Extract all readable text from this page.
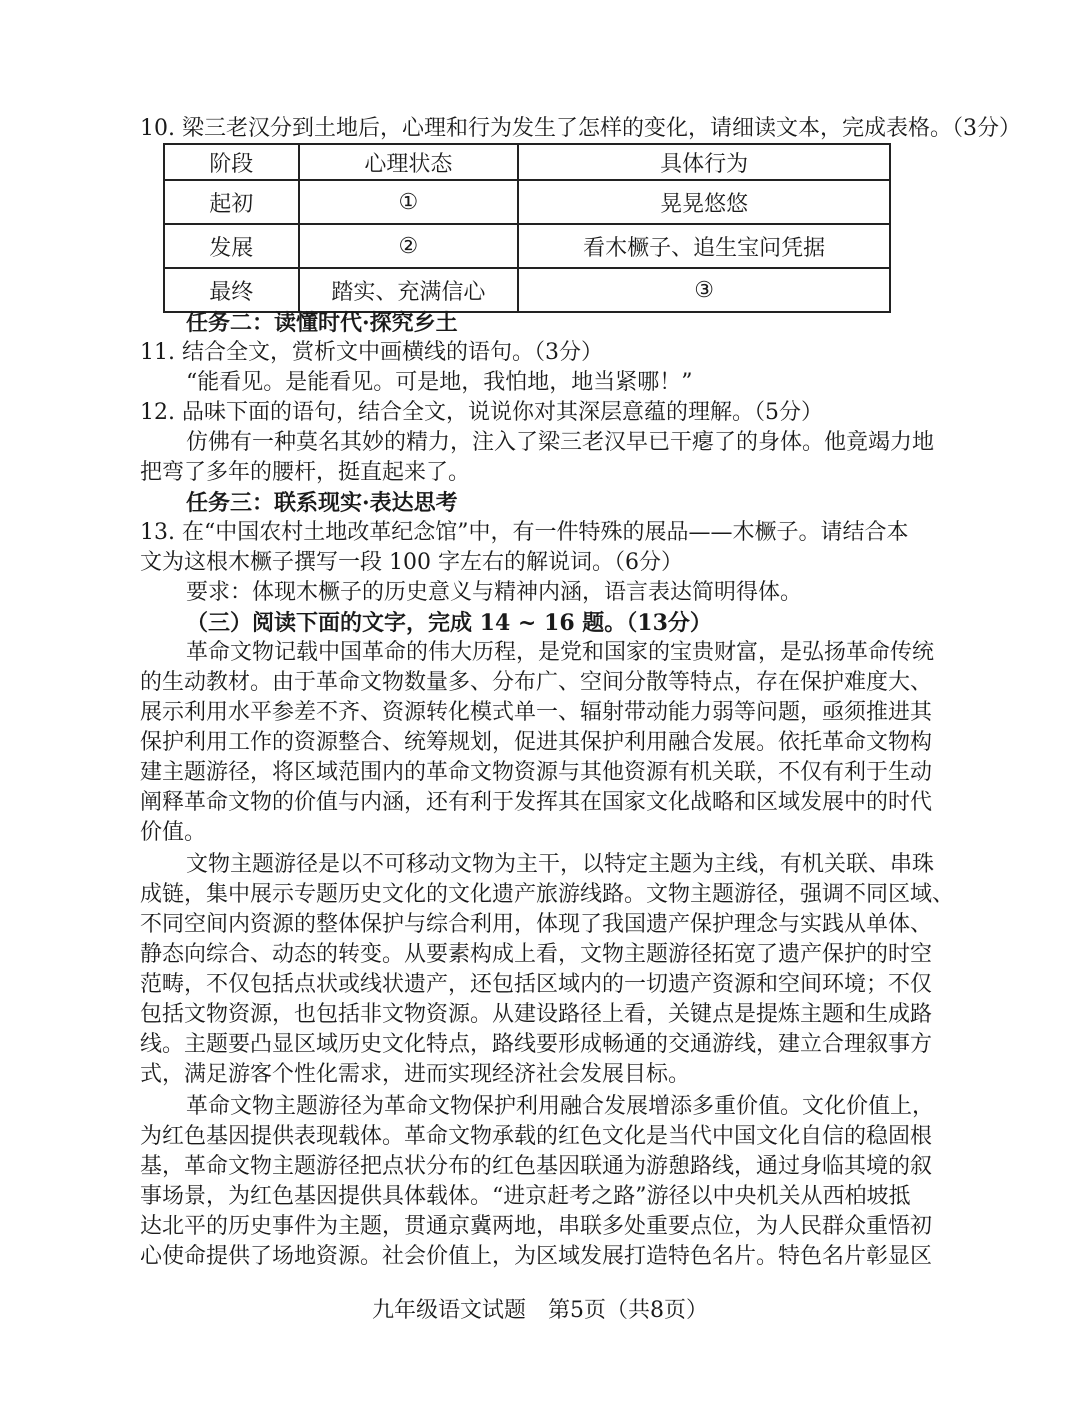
10. 梁三老汉分到土地后，心理和行为发生了怎样的变化，请细读文本，完成表格。（3分）
阶段	心理状态	具体行为
起初	①	晃晃悠悠
发展	②	看木橛子、追生宝问凭据
最终	踏实、充满信心	③
任务二：读懂时代·探究乡土
11. 结合全文，赏析文中画横线的语句。（3分）
“能看见。是能看见。可是地，我怕地，地当紧哪！”
12. 品味下面的语句，结合全文，说说你对其深层意蕴的理解。（5分）
仿佛有一种莫名其妙的精力，注入了梁三老汉早已干瘪了的身体。他竟竭力地
把弯了多年的腰杆，挺直起来了。
任务三：联系现实·表达思考
13. 在“中国农村土地改革纪念馆”中，有一件特殊的展品——木橛子。请结合本
文为这根木橛子撰写一段 100 字左右的解说词。（6分）
要求：体现木橛子的历史意义与精神内涵，语言表达简明得体。
（三）阅读下面的文字，完成 14 ~ 16 题。（13分）
革命文物记载中国革命的伟大历程，是党和国家的宝贵财富，是弘扬革命传统
的生动教材。由于革命文物数量多、分布广、空间分散等特点，存在保护难度大、
展示利用水平参差不齐、资源转化模式单一、辐射带动能力弱等问题，亟须推进其
保护利用工作的资源整合、统筹规划，促进其保护利用融合发展。依托革命文物构
建主题游径，将区域范围内的革命文物资源与其他资源有机关联，不仅有利于生动
阐释革命文物的价值与内涵，还有利于发挥其在国家文化战略和区域发展中的时代
价值。
文物主题游径是以不可移动文物为主干，以特定主题为主线，有机关联、串珠
成链，集中展示专题历史文化的文化遗产旅游线路。文物主题游径，强调不同区域、
不同空间内资源的整体保护与综合利用，体现了我国遗产保护理念与实践从单体、
静态向综合、动态的转变。从要素构成上看，文物主题游径拓宽了遗产保护的时空
范畴，不仅包括点状或线状遗产，还包括区域内的一切遗产资源和空间环境；不仅
包括文物资源，也包括非文物资源。从建设路径上看，关键点是提炼主题和生成路
线。主题要凸显区域历史文化特点，路线要形成畅通的交通游线，建立合理叙事方
式，满足游客个性化需求，进而实现经济社会发展目标。
革命文物主题游径为革命文物保护利用融合发展增添多重价值。文化价值上，
为红色基因提供表现载体。革命文物承载的红色文化是当代中国文化自信的稳固根
基，革命文物主题游径把点状分布的红色基因联通为游憩路线，通过身临其境的叙
事场景，为红色基因提供具体载体。“进京赶考之路”游径以中央机关从西柏坡抵
达北平的历史事件为主题，贯通京冀两地，串联多处重要点位，为人民群众重悟初
心使命提供了场地资源。社会价值上，为区域发展打造特色名片。特色名片彰显区
九年级语文试题　第5页（共8页）
